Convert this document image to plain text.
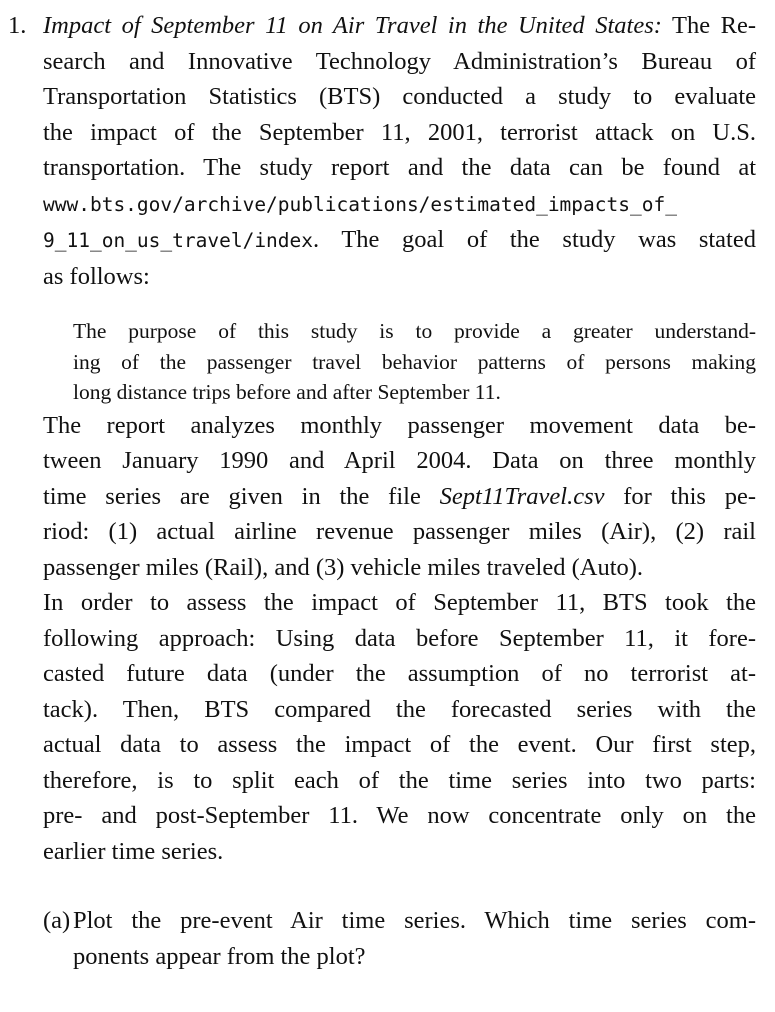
1. Impact of September 11 on Air Travel in the United States: The Re-
search and Innovative Technology Administration’s Bureau of
Transportation Statistics (BTS) conducted a study to evaluate
the impact of the September 11, 2001, terrorist attack on U.S.
transportation. The study report and the data can be found at
www.bts.gov/archive/publications/estimated_impacts_of_
9_11_on_us_travel/index. The goal of the study was stated
as follows:

The purpose of this study is to provide a greater understand-
ing of the passenger travel behavior patterns of persons making
long distance trips before and after September 11.

The report analyzes monthly passenger movement data be-
tween January 1990 and April 2004. Data on three monthly
time series are given in the file Sept11Travel.csv for this pe-
riod: (1) actual airline revenue passenger miles (Air), (2) rail
passenger miles (Rail), and (3) vehicle miles traveled (Auto).

In order to assess the impact of September 11, BTS took the
following approach: Using data before September 11, it fore-
casted future data (under the assumption of no terrorist at-
tack). Then, BTS compared the forecasted series with the
actual data to assess the impact of the event. Our first step,
therefore, is to split each of the time series into two parts:
pre- and post-September 11. We now concentrate only on the
earlier time series.

(a) Plot the pre-event Air time series. Which time series com-
ponents appear from the plot?
